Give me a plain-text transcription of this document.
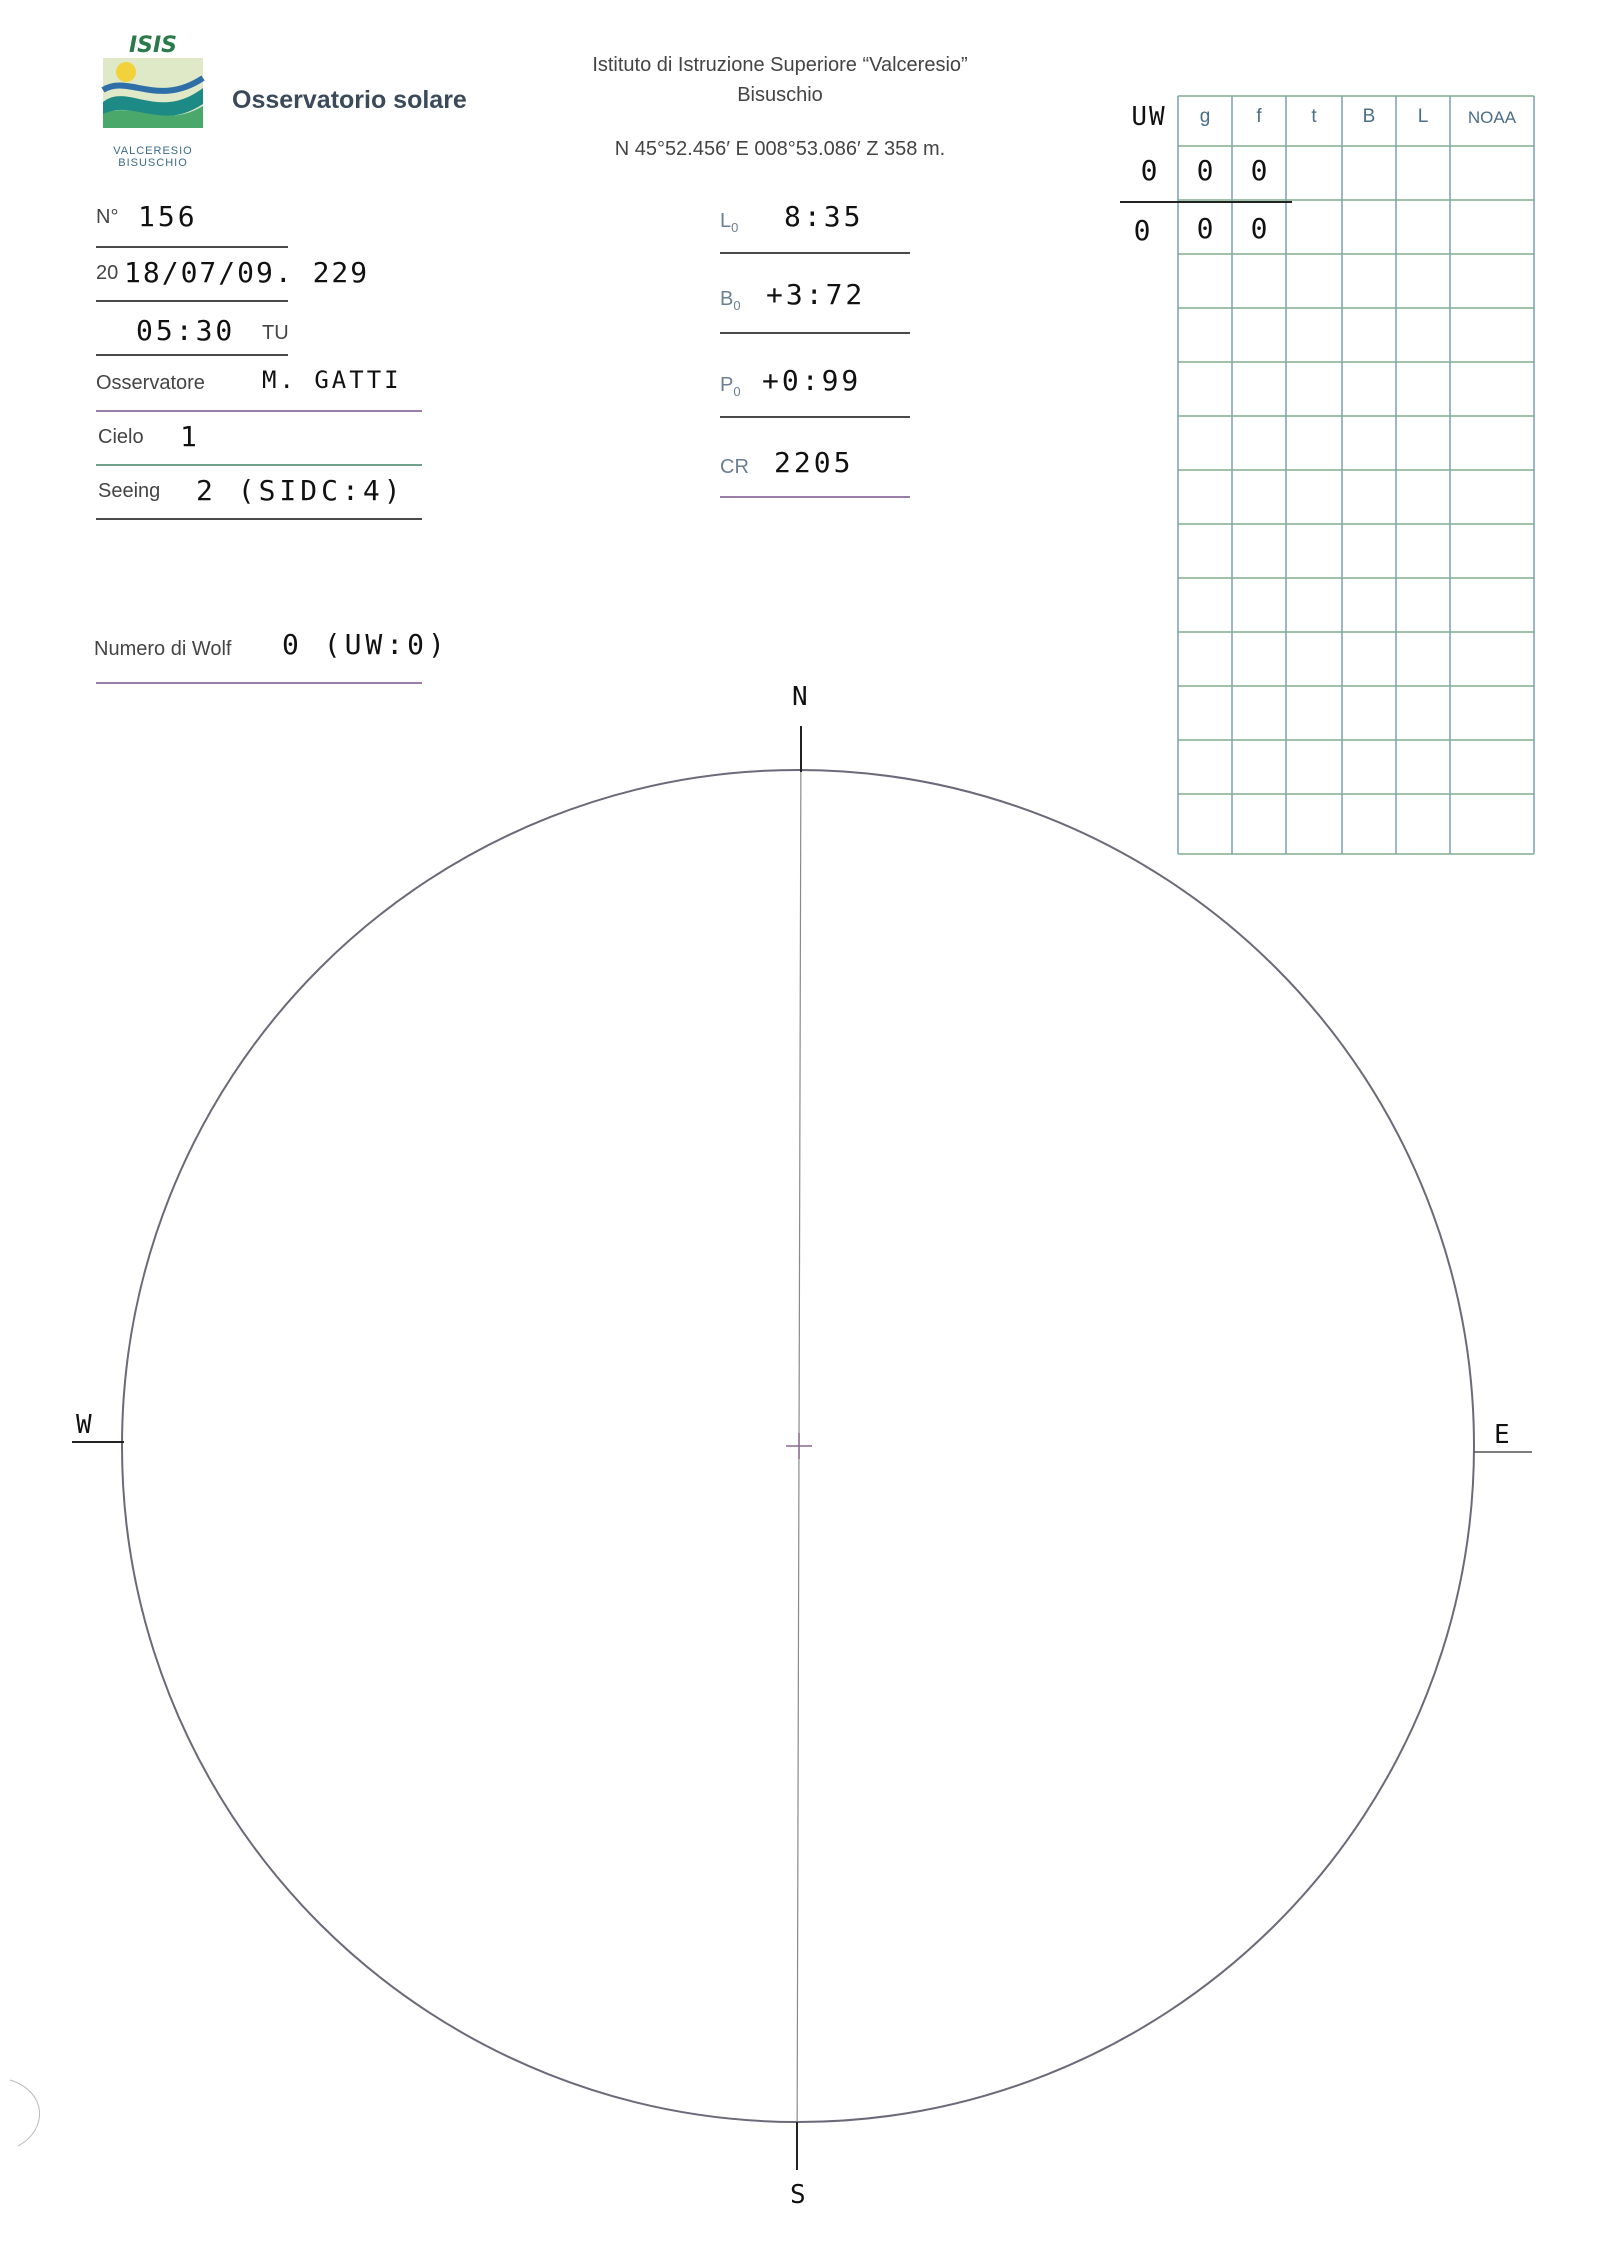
ISIS
VALCERESIO
BISUSCHIO
Osservatorio solare
Istituto di Istruzione Superiore “Valceresio”
Bisuschio
N 45°52.456′ E 008°53.086′ Z 358 m.
N° 156
20 18/07/09. 229
05:30 TU
Osservatore M. GATTI
Cielo 1
Seeing 2 (SIDC:4)
Numero di Wolf 0 (UW:0)
$L_0$ 8:35
$B_0$ +3:72
$P_0$ +0:99
CR 2205
UW	g	f	t	B	L	NOAA
0	0	0
0	0	0
N
S
W	E
